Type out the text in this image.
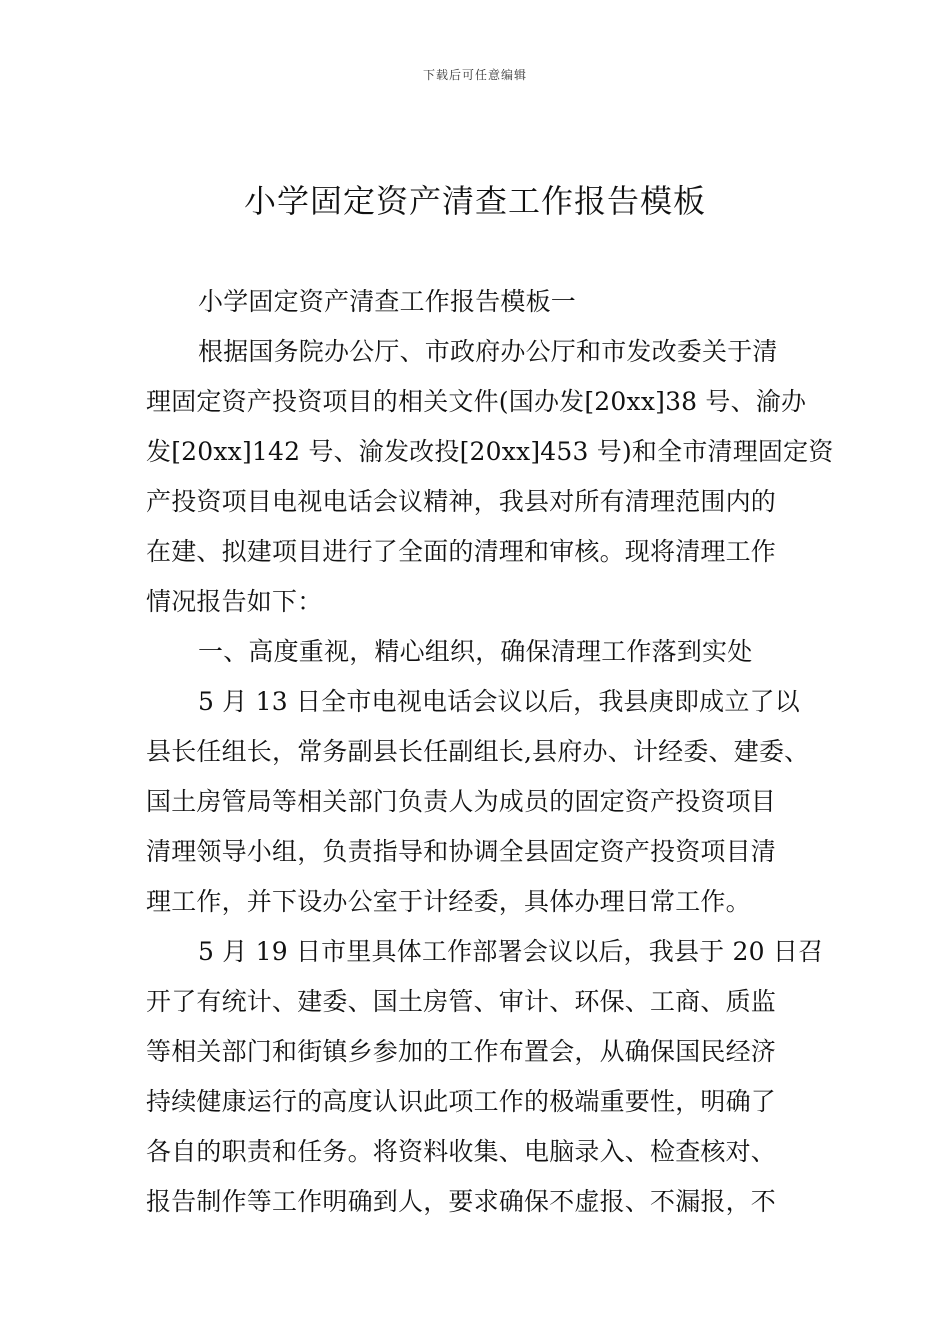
下载后可任意编辑
小学固定资产清查工作报告模板
小学固定资产清查工作报告模板一
根据国务院办公厅、市政府办公厅和市发改委关于清
理固定资产投资项目的相关文件(国办发[20xx]38 号、渝办
发[20xx]142 号、渝发改投[20xx]453 号)和全市清理固定资
产投资项目电视电话会议精神，我县对所有清理范围内的
在建、拟建项目进行了全面的清理和审核。现将清理工作
情况报告如下：
一、高度重视，精心组织，确保清理工作落到实处
5 月 13 日全市电视电话会议以后，我县庚即成立了以
县长任组长，常务副县长任副组长,县府办、计经委、建委、
国土房管局等相关部门负责人为成员的固定资产投资项目
清理领导小组，负责指导和协调全县固定资产投资项目清
理工作，并下设办公室于计经委，具体办理日常工作。
5 月 19 日市里具体工作部署会议以后，我县于 20 日召
开了有统计、建委、国土房管、审计、环保、工商、质监
等相关部门和街镇乡参加的工作布置会，从确保国民经济
持续健康运行的高度认识此项工作的极端重要性，明确了
各自的职责和任务。将资料收集、电脑录入、检查核对、
报告制作等工作明确到人，要求确保不虚报、不漏报，不
